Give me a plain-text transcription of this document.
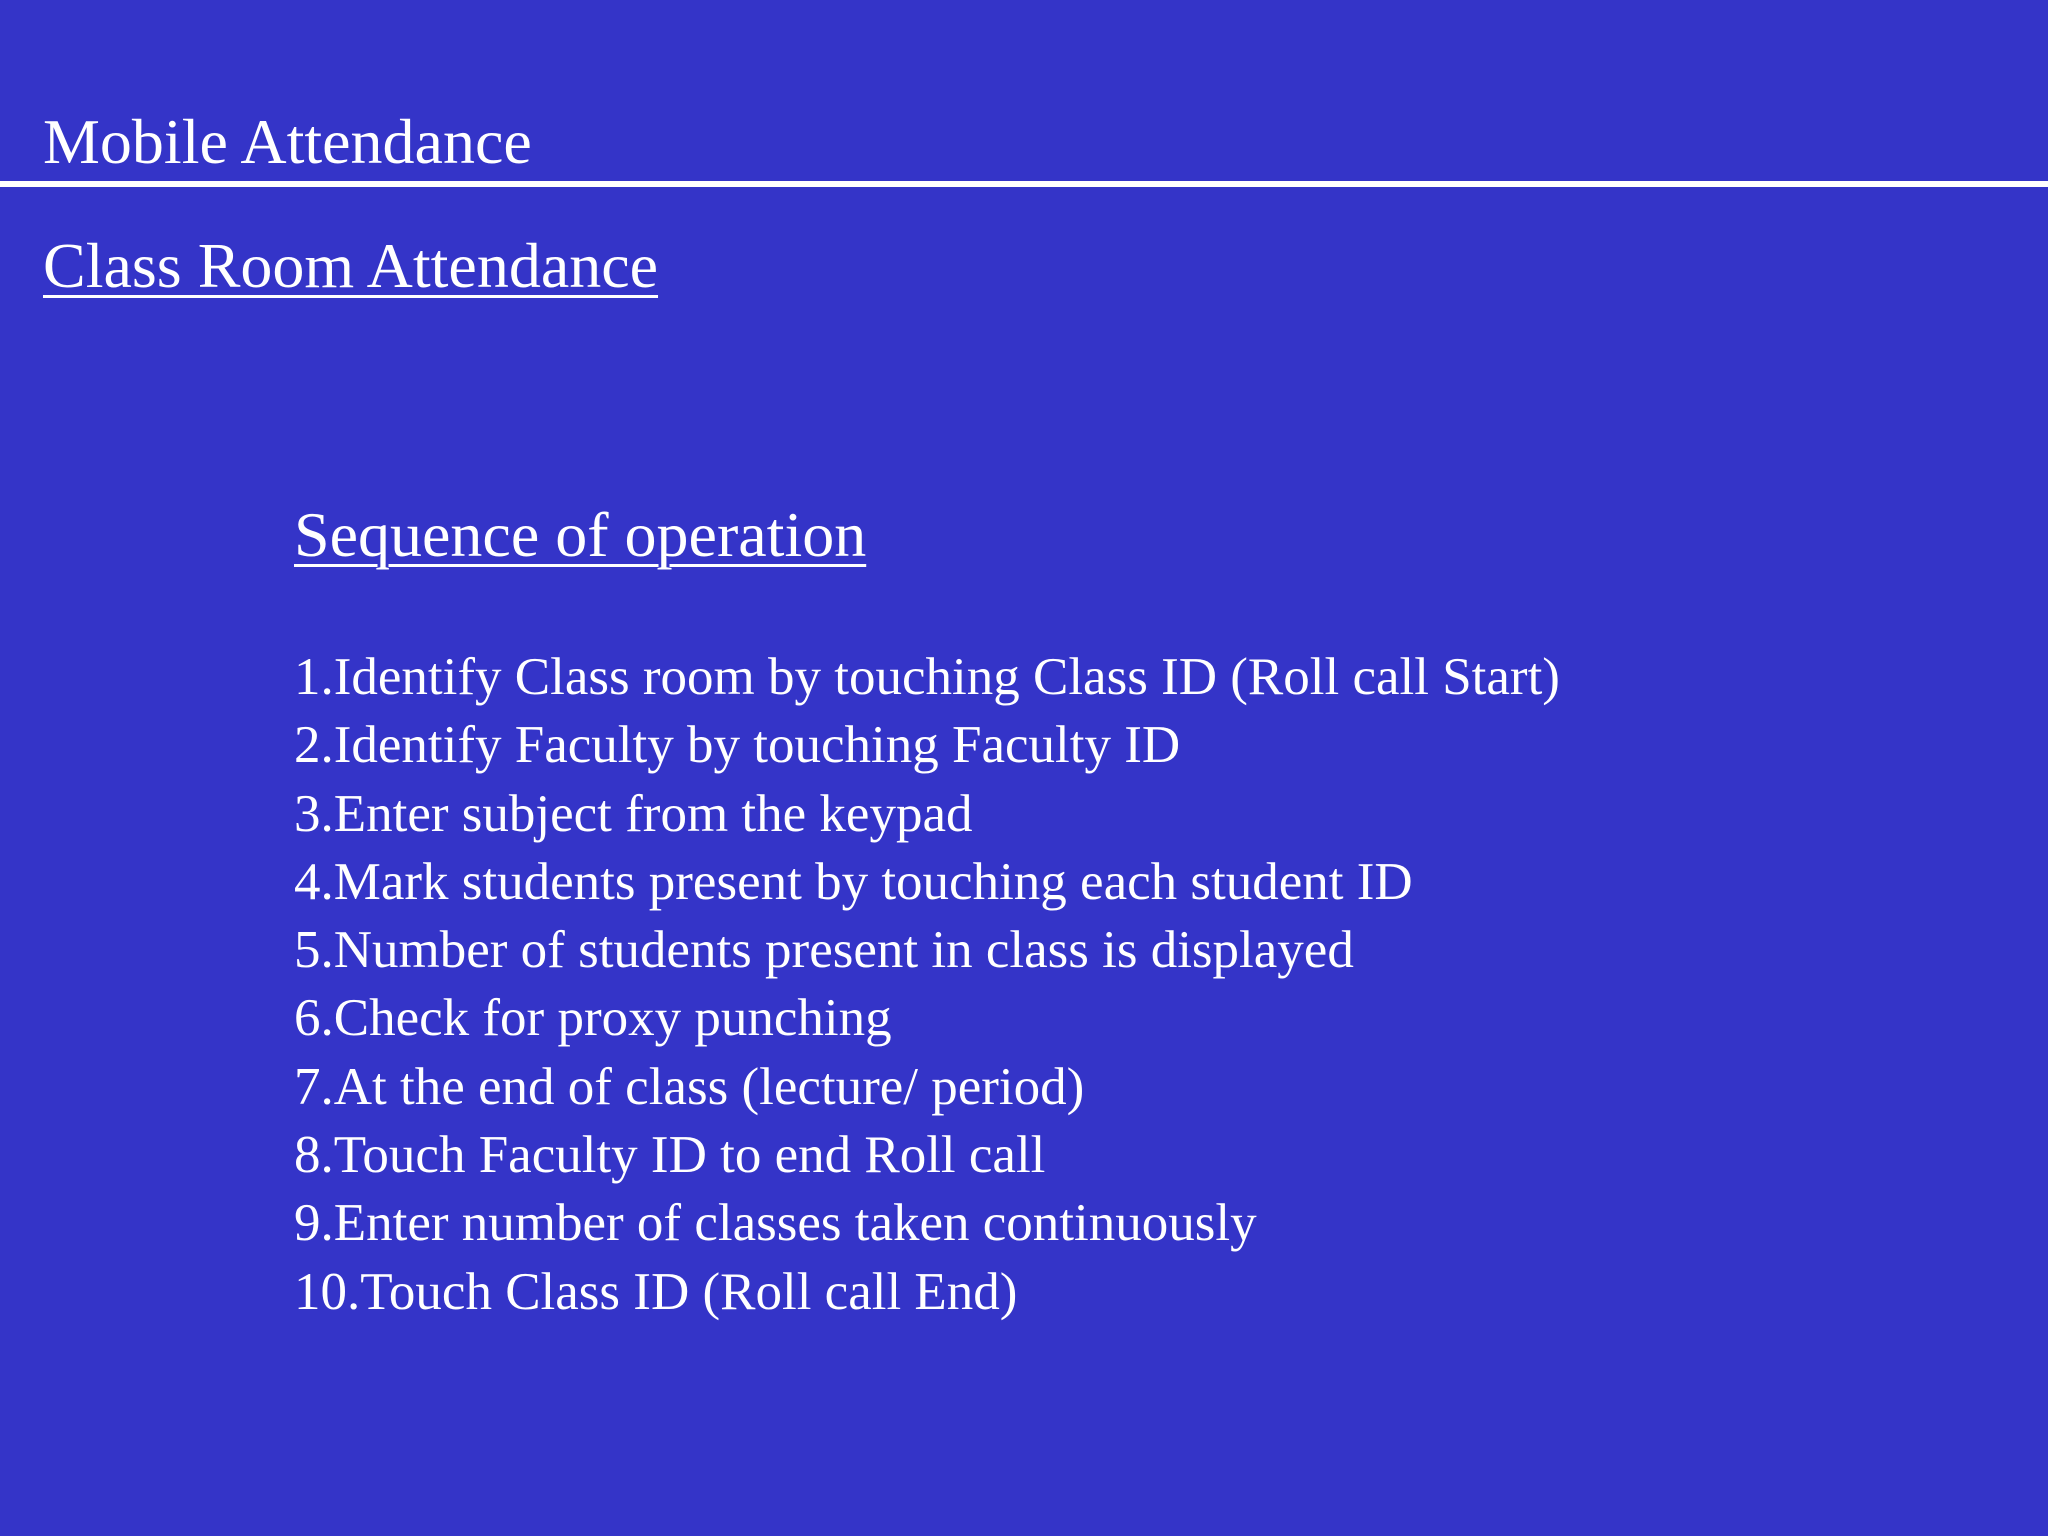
Mobile Attendance
Class Room Attendance
Sequence of operation
1.Identify Class room by touching Class ID (Roll call Start)
2.Identify Faculty by touching Faculty ID
3.Enter subject from the keypad
4.Mark students present by touching each student ID
5.Number of students present in class is displayed
6.Check for proxy punching
7.At the end of class (lecture/ period)
8.Touch Faculty ID to end Roll call
9.Enter number of classes taken continuously
10.Touch Class ID (Roll call End)
